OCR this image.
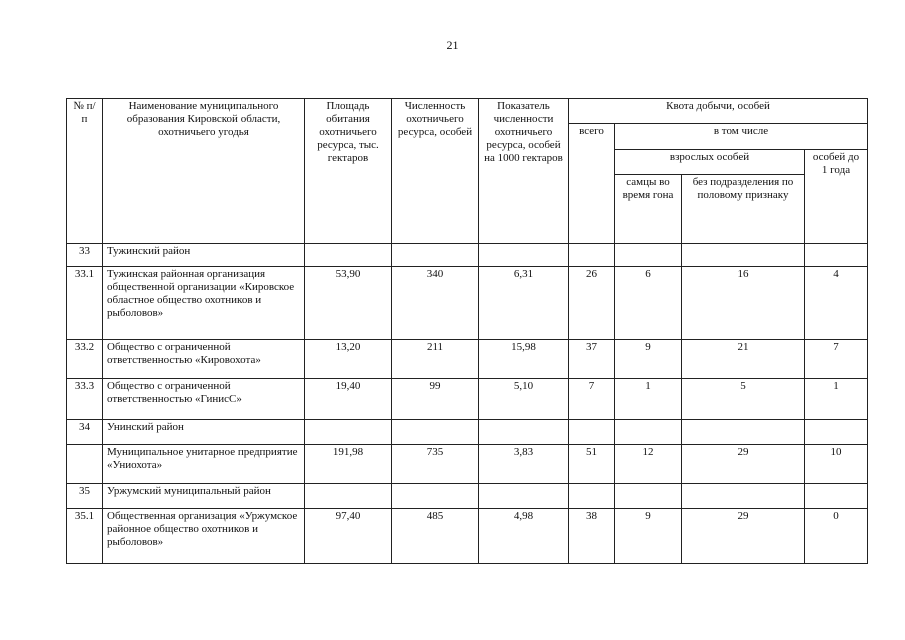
21
№ п/п	Наименование муниципального образования Кировской области, охотничьего угодья	Площадь обитания охотничьего ресурса, тыс. гектаров	Численность охотничьего ресурса, особей	Показатель численности охотничьего ресурса, особей на 1000 гектаров	Квота добычи, особей			
					всего	в том числе		
						взрослых особей		особей до 1 года
						самцы во время гона	без подразделения по половому признаку	
33	Тужинский район							
33.1	Тужинская районная организация общественной организации «Кировское областное общество охотников и рыболовов»	53,90	340	6,31	26	6	16	4
33.2	Общество с ограниченной ответственностью «Кировохота»	13,20	211	15,98	37	9	21	7
33.3	Общество с ограниченной ответственностью «ГинисС»	19,40	99	5,10	7	1	5	1
34	Унинский район							
	Муниципальное унитарное предприятие «Униохота»	191,98	735	3,83	51	12	29	10
35	Уржумский муниципальный район							
35.1	Общественная организация «Уржумское районное общество охотников и рыболовов»	97,40	485	4,98	38	9	29	0
